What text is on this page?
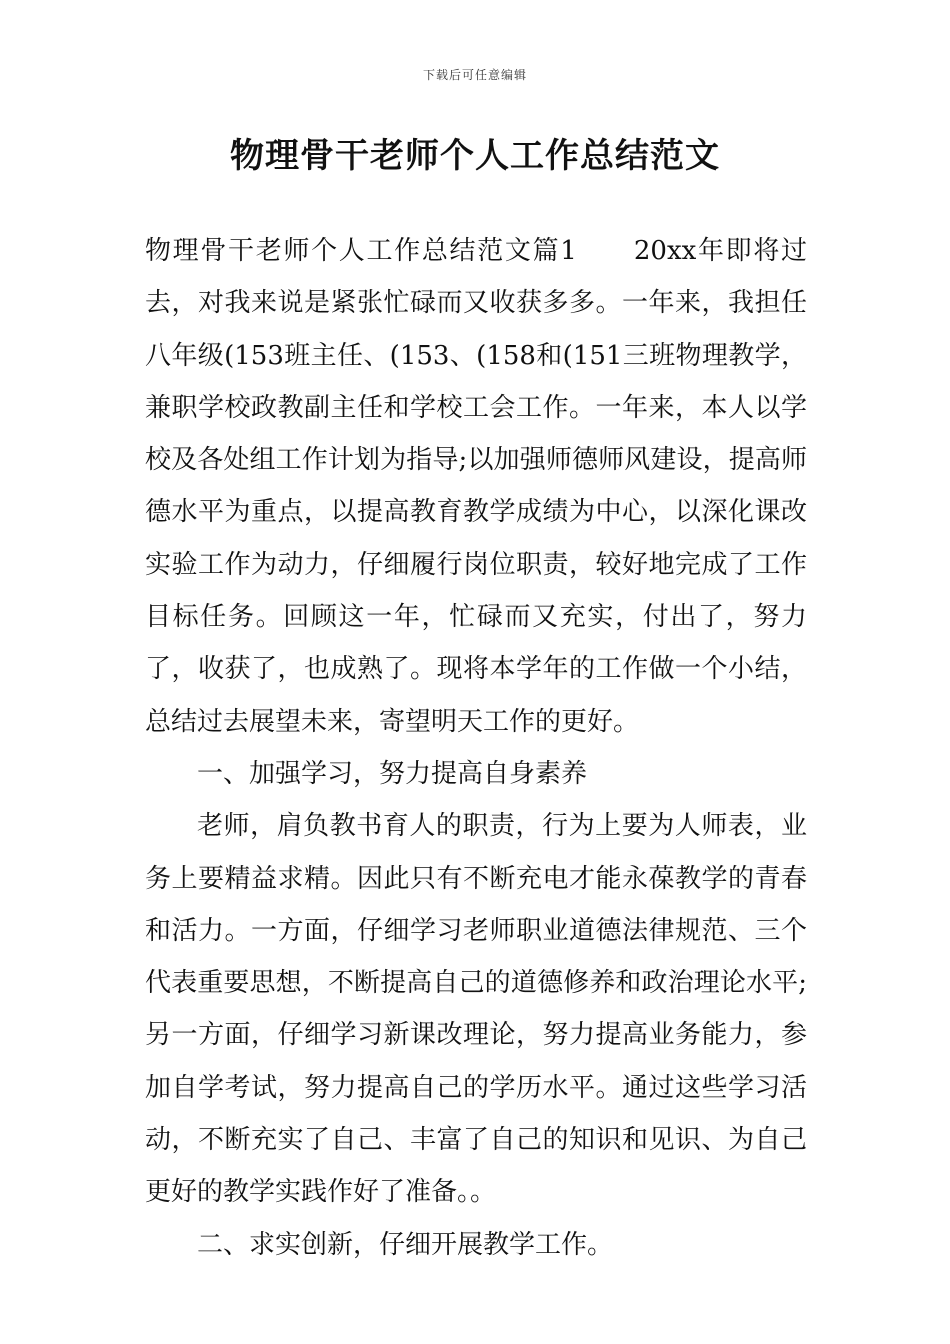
下载后可任意编辑
物理骨干老师个人工作总结范文

物理骨干老师个人工作总结范文篇1　　20xx年即将过去，对我来说是紧张忙碌而又收获多多。一年来，我担任八年级(153班主任、(153、(158和(151三班物理教学，兼职学校政教副主任和学校工会工作。一年来，本人以学校及各处组工作计划为指导;以加强师德师风建设，提高师德水平为重点，以提高教育教学成绩为中心，以深化课改实验工作为动力，仔细履行岗位职责，较好地完成了工作目标任务。回顾这一年，忙碌而又充实，付出了，努力了，收获了，也成熟了。现将本学年的工作做一个小结，总结过去展望未来，寄望明天工作的更好。

一、加强学习，努力提高自身素养

老师，肩负教书育人的职责，行为上要为人师表，业务上要精益求精。因此只有不断充电才能永葆教学的青春和活力。一方面，仔细学习老师职业道德法律规范、三个代表重要思想，不断提高自己的道德修养和政治理论水平;另一方面，仔细学习新课改理论，努力提高业务能力，参加自学考试，努力提高自己的学历水平。通过这些学习活动，不断充实了自己、丰富了自己的知识和见识、为自己更好的教学实践作好了准备。。

二、求实创新，仔细开展教学工作。
